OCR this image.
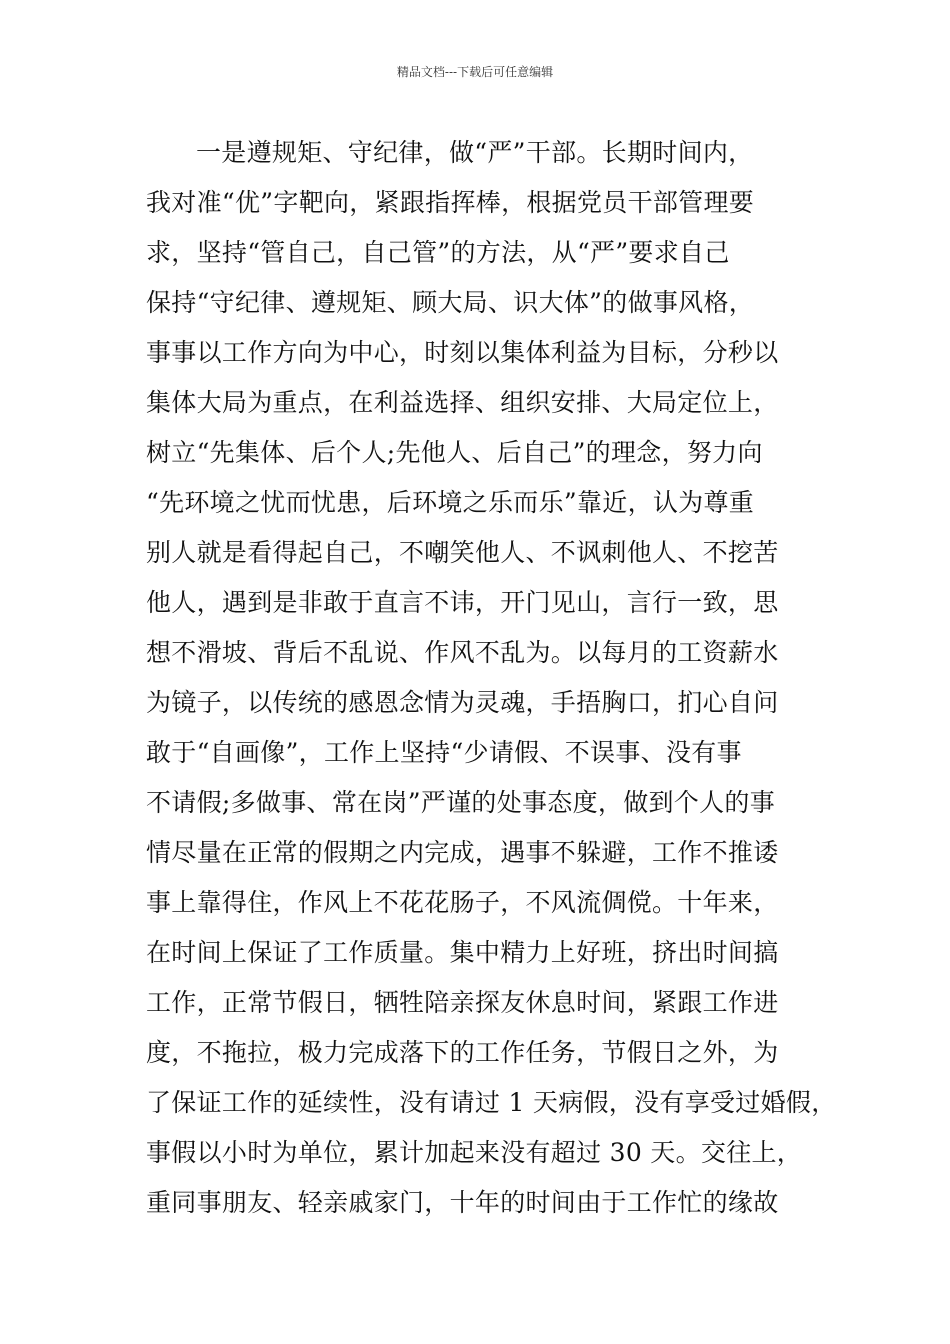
精品文档---下载后可任意编辑
一是遵规矩、守纪律，做“严”干部。长期时间内，
我对准“优”字靶向，紧跟指挥棒，根据党员干部管理要
求，坚持“管自己，自己管”的方法，从“严”要求自己
保持“守纪律、遵规矩、顾大局、识大体”的做事风格，
事事以工作方向为中心，时刻以集体利益为目标，分秒以
集体大局为重点，在利益选择、组织安排、大局定位上，
树立“先集体、后个人;先他人、后自己”的理念，努力向
“先环境之忧而忧患，后环境之乐而乐”靠近，认为尊重
别人就是看得起自己，不嘲笑他人、不讽刺他人、不挖苦
他人，遇到是非敢于直言不讳，开门见山，言行一致，思
想不滑坡、背后不乱说、作风不乱为。以每月的工资薪水
为镜子，以传统的感恩念情为灵魂，手捂胸口，扪心自问
敢于“自画像”，工作上坚持“少请假、不误事、没有事
不请假;多做事、常在岗”严谨的处事态度，做到个人的事
情尽量在正常的假期之内完成，遇事不躲避，工作不推诿
事上靠得住，作风上不花花肠子，不风流倜傥。十年来，
在时间上保证了工作质量。集中精力上好班，挤出时间搞
工作，正常节假日，牺牲陪亲探友休息时间，紧跟工作进
度，不拖拉，极力完成落下的工作任务，节假日之外，为
了保证工作的延续性，没有请过 1 天病假，没有享受过婚假，
事假以小时为单位，累计加起来没有超过 30 天。交往上，
重同事朋友、轻亲戚家门，十年的时间由于工作忙的缘故
